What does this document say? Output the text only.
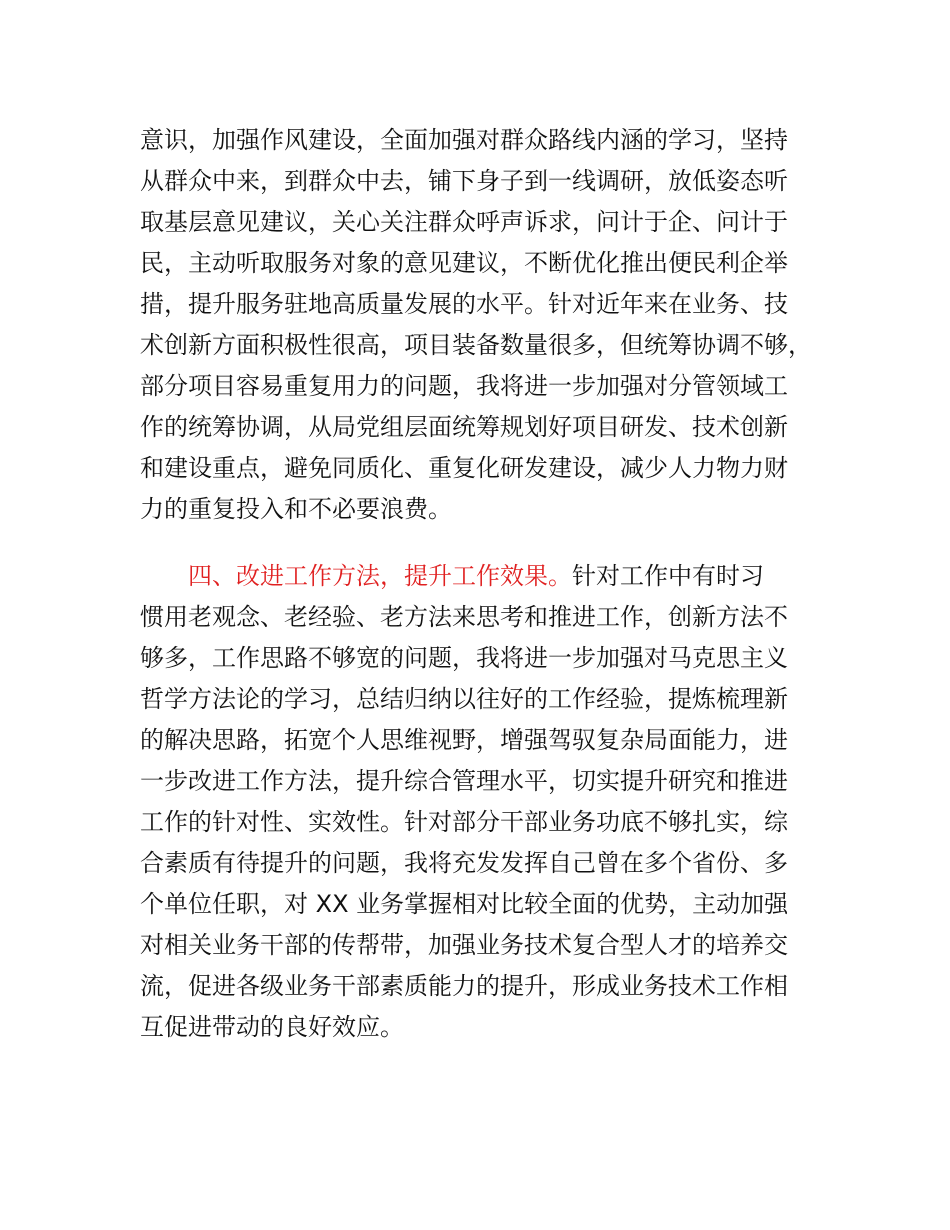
意识，加强作风建设，全面加强对群众路线内涵的学习，坚持
从群众中来，到群众中去，铺下身子到一线调研，放低姿态听
取基层意见建议，关心关注群众呼声诉求，问计于企、问计于
民，主动听取服务对象的意见建议，不断优化推出便民利企举
措，提升服务驻地高质量发展的水平。针对近年来在业务、技
术创新方面积极性很高，项目装备数量很多，但统筹协调不够，
部分项目容易重复用力的问题，我将进一步加强对分管领域工
作的统筹协调，从局党组层面统筹规划好项目研发、技术创新
和建设重点，避免同质化、重复化研发建设，减少人力物力财
力的重复投入和不必要浪费。
四、改进工作方法，提升工作效果。针对工作中有时习
惯用老观念、老经验、老方法来思考和推进工作，创新方法不
够多，工作思路不够宽的问题，我将进一步加强对马克思主义
哲学方法论的学习，总结归纳以往好的工作经验，提炼梳理新
的解决思路，拓宽个人思维视野，增强驾驭复杂局面能力，进
一步改进工作方法，提升综合管理水平，切实提升研究和推进
工作的针对性、实效性。针对部分干部业务功底不够扎实，综
合素质有待提升的问题，我将充发发挥自己曾在多个省份、多
个单位任职，对 XX 业务掌握相对比较全面的优势，主动加强
对相关业务干部的传帮带，加强业务技术复合型人才的培养交
流，促进各级业务干部素质能力的提升，形成业务技术工作相
互促进带动的良好效应。
